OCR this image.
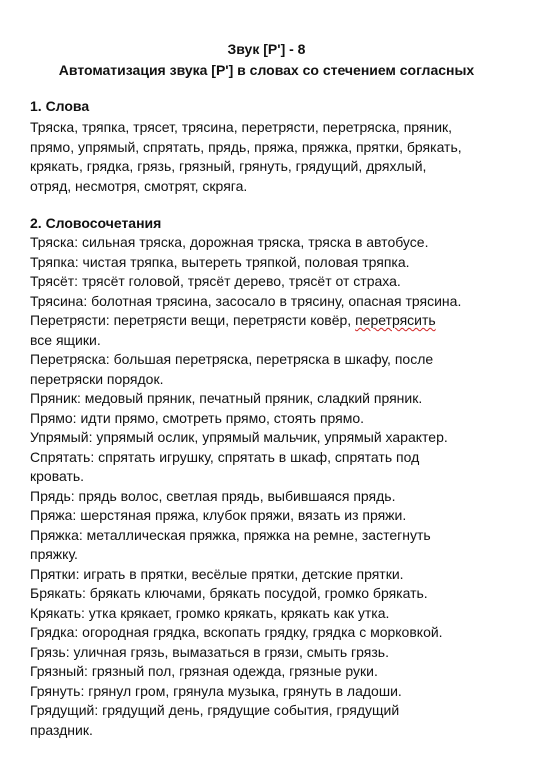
Звук [Р'] - 8
Автоматизация звука [Р'] в словах со стечением согласных
1. Слова
Тряска, тряпка, трясет, трясина, перетрясти, перетряска, пряник,
прямо, упрямый, спрятать, прядь, пряжа, пряжка, прятки, брякать,
крякать, грядка, грязь, грязный, грянуть, грядущий, дряхлый,
отряд, несмотря, смотрят, скряга.
2. Словосочетания
Тряска: сильная тряска, дорожная тряска, тряска в автобусе.
Тряпка: чистая тряпка, вытереть тряпкой, половая тряпка.
Трясёт: трясёт головой, трясёт дерево, трясёт от страха.
Трясина: болотная трясина, засосало в трясину, опасная трясина.
Перетрясти: перетрясти вещи, перетрясти ковёр, перетрясить
все ящики.
Перетряска: большая перетряска, перетряска в шкафу, после
перетряски порядок.
Пряник: медовый пряник, печатный пряник, сладкий пряник.
Прямо: идти прямо, смотреть прямо, стоять прямо.
Упрямый: упрямый ослик, упрямый мальчик, упрямый характер.
Спрятать: спрятать игрушку, спрятать в шкаф, спрятать под
кровать.
Прядь: прядь волос, светлая прядь, выбившаяся прядь.
Пряжа: шерстяная пряжа, клубок пряжи, вязать из пряжи.
Пряжка: металлическая пряжка, пряжка на ремне, застегнуть
пряжку.
Прятки: играть в прятки, весёлые прятки, детские прятки.
Брякать: брякать ключами, брякать посудой, громко брякать.
Крякать: утка крякает, громко крякать, крякать как утка.
Грядка: огородная грядка, вскопать грядку, грядка с морковкой.
Грязь: уличная грязь, вымазаться в грязи, смыть грязь.
Грязный: грязный пол, грязная одежда, грязные руки.
Грянуть: грянул гром, грянула музыка, грянуть в ладоши.
Грядущий: грядущий день, грядущие события, грядущий
праздник.
